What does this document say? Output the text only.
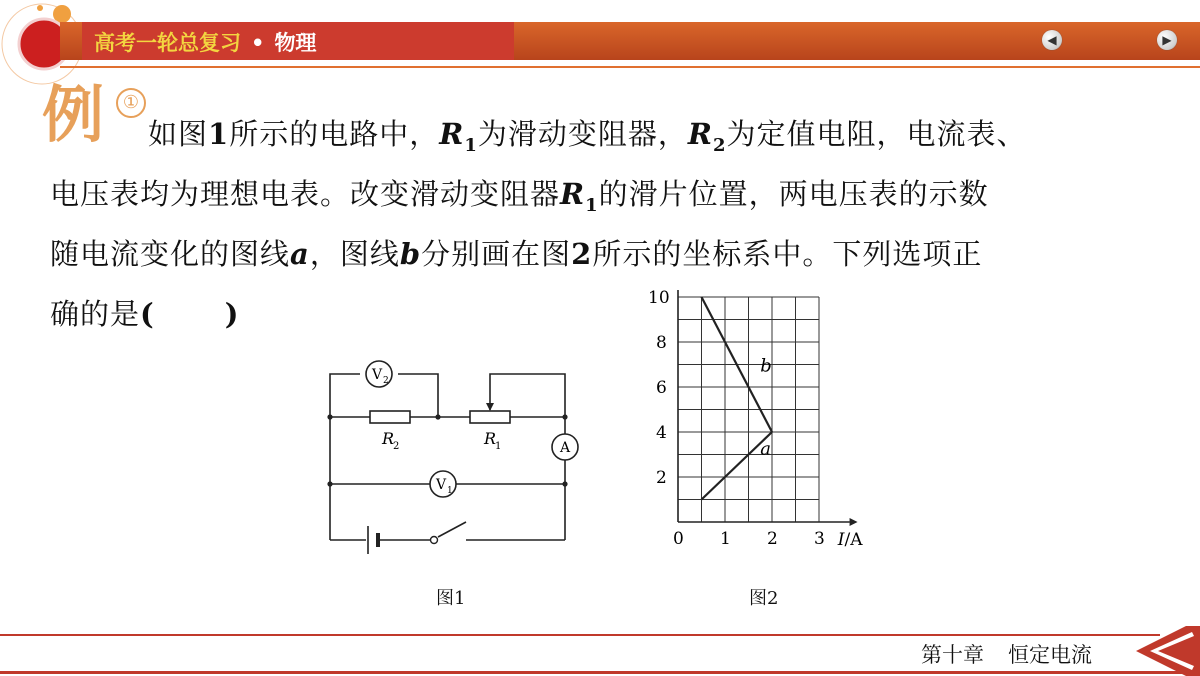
高考一轮总复习 • 物理	◀	▶
例	①
如图1所示的电路中，$R_1$为滑动变阻器，$R_2$为定值电阻，电流表、
电压表均为理想电表。改变滑动变阻器$R_1$的滑片位置，两电压表的示数
随电流变化的图线a，图线b分别画在图2所示的坐标系中。下列选项正
确的是( )
V 2
V 1
A
R
2	R
1
图1
0 1 2 3
2
4
6
8
10
I/A
a
b
图2
第十章 恒定电流
